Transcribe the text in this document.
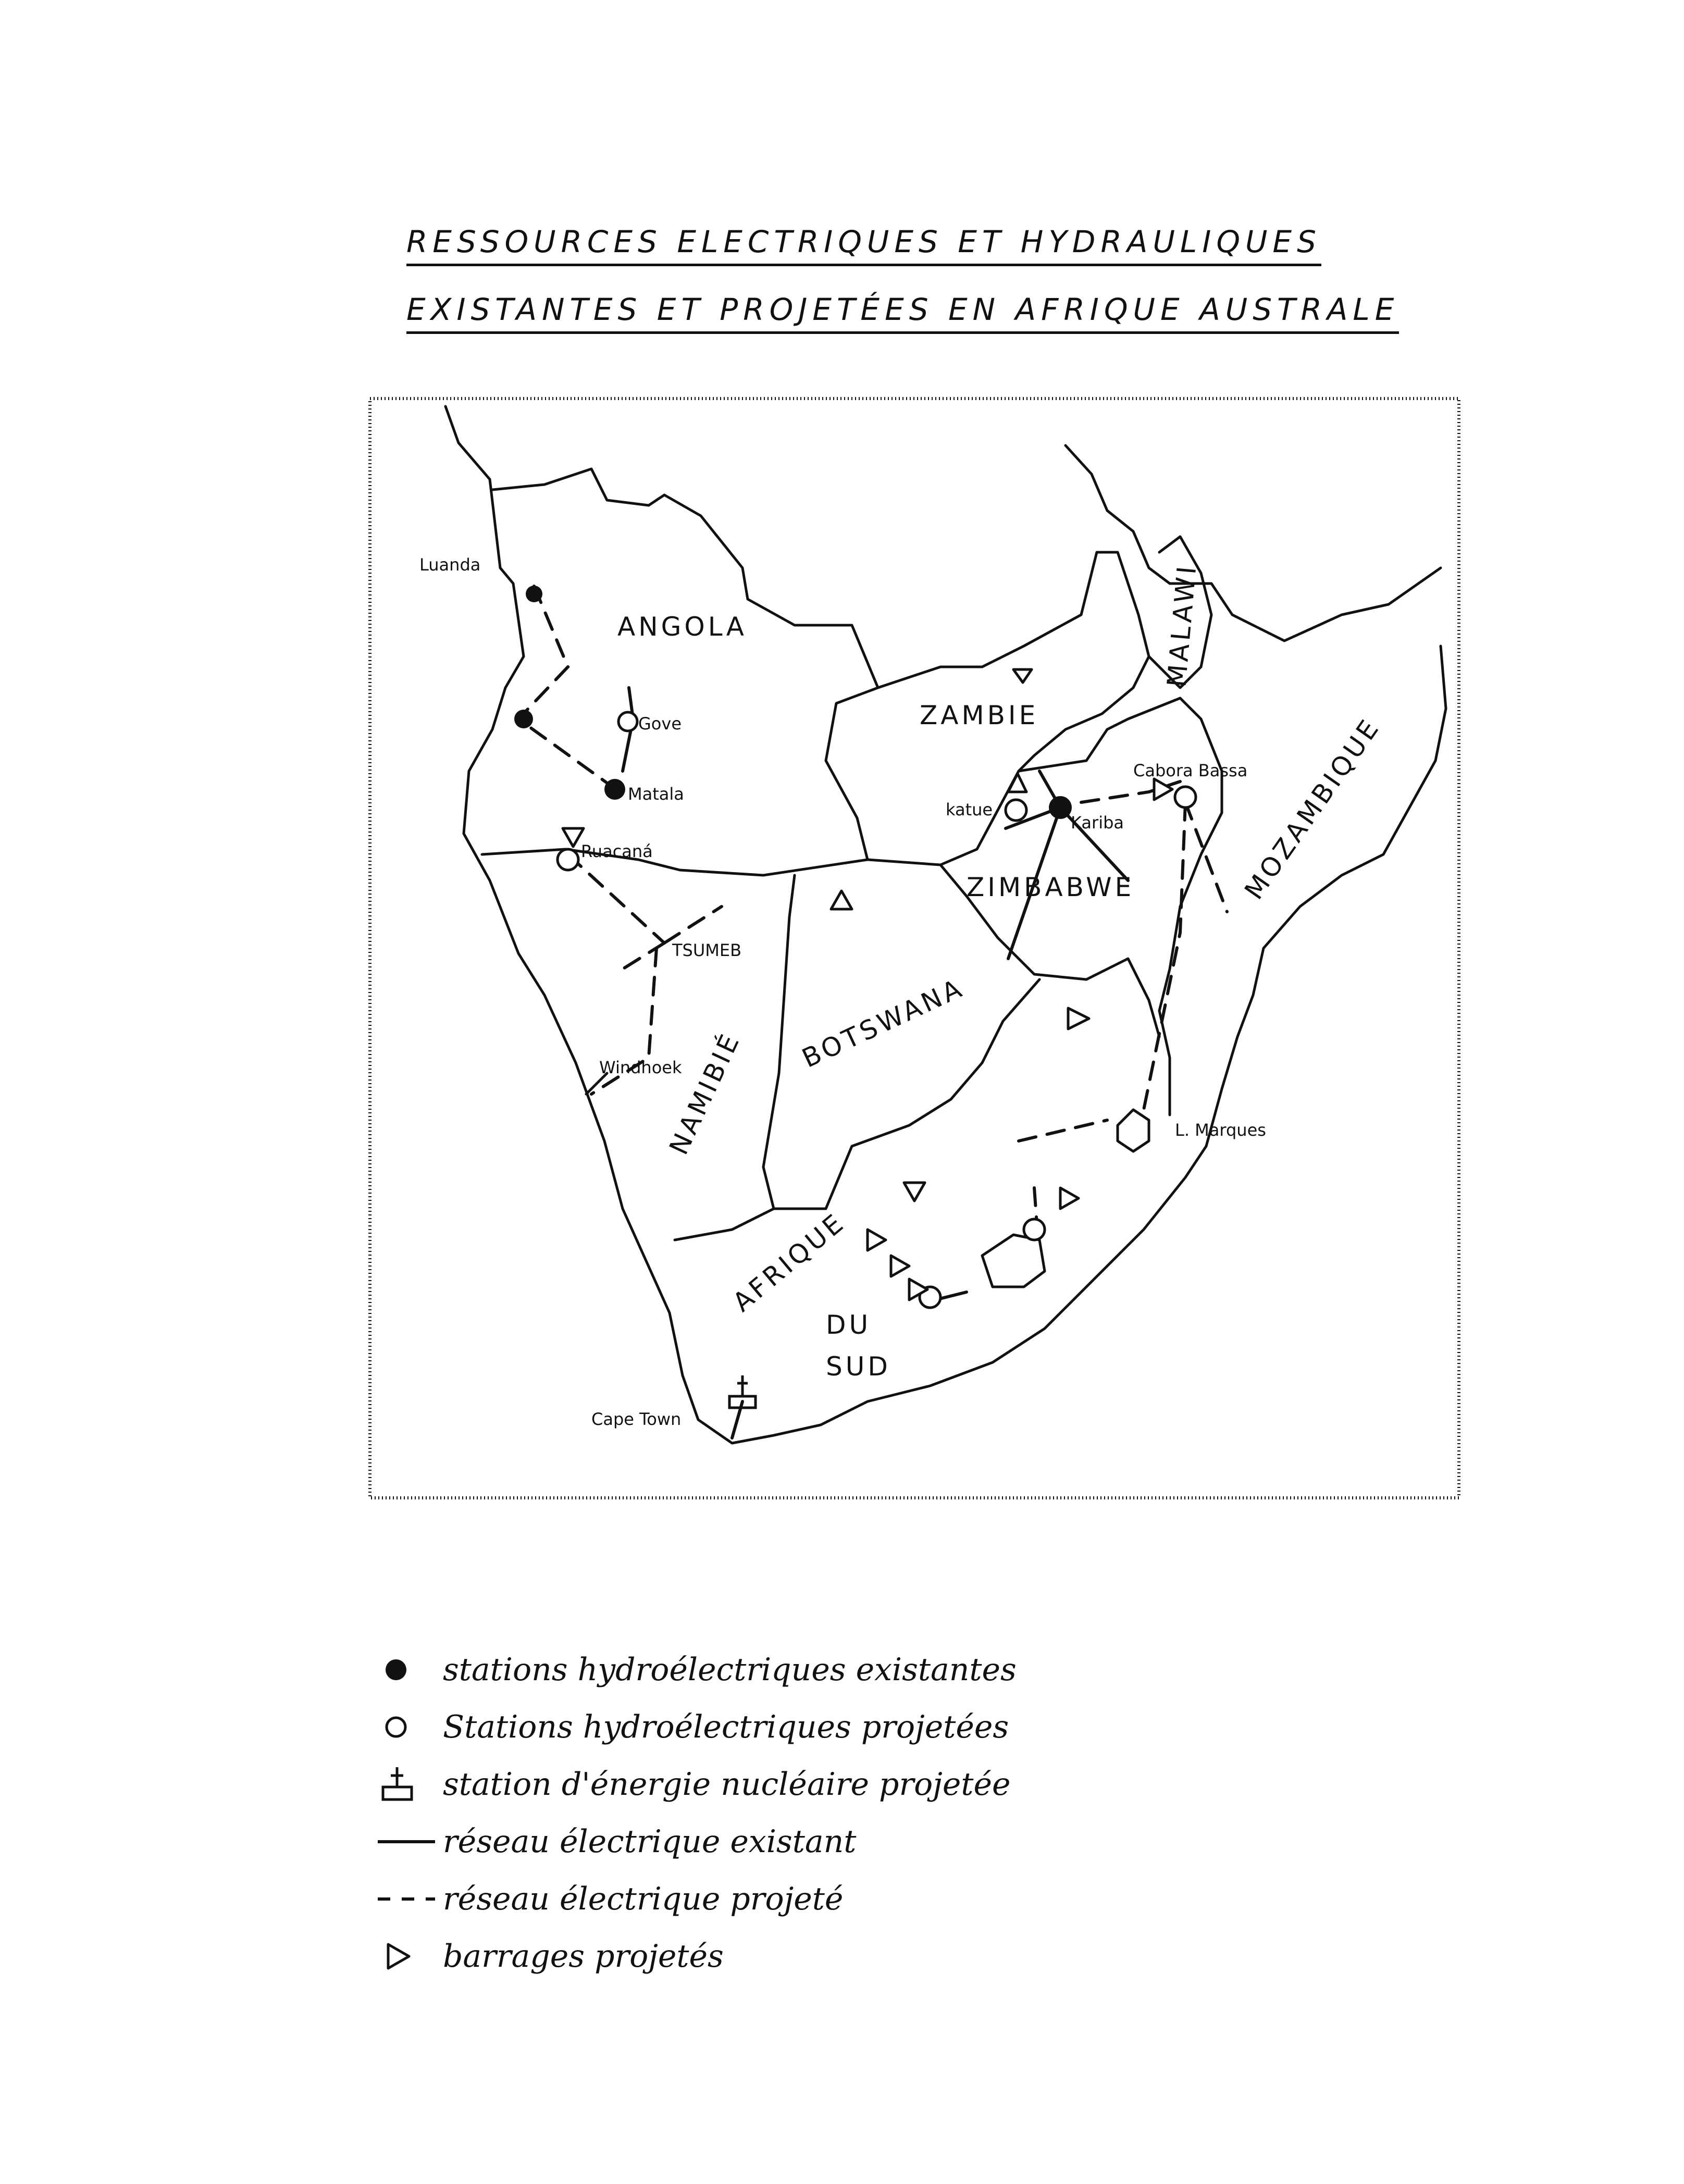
RESSOURCES ELECTRIQUES ET HYDRAULIQUES
EXISTANTES ET PROJETÉES EN AFRIQUE AUSTRALE
ANGOLA
ZAMBIE
MALAWI
MOZAMBIQUE
ZIMBABWE
BOTSWANA
NAMIBIÉ
AFRIQUE
DU
SUD
Luanda
Gove
Matala
Ruacaná
TSUMEB
Windhoek
katue
Kariba
Cabora Bassa
L. Marques
Cape Town
stations hydroélectriques existantes
Stations hydroélectriques projetées
station d'énergie nucléaire projetée
réseau électrique existant
réseau électrique projeté
barrages projetés
